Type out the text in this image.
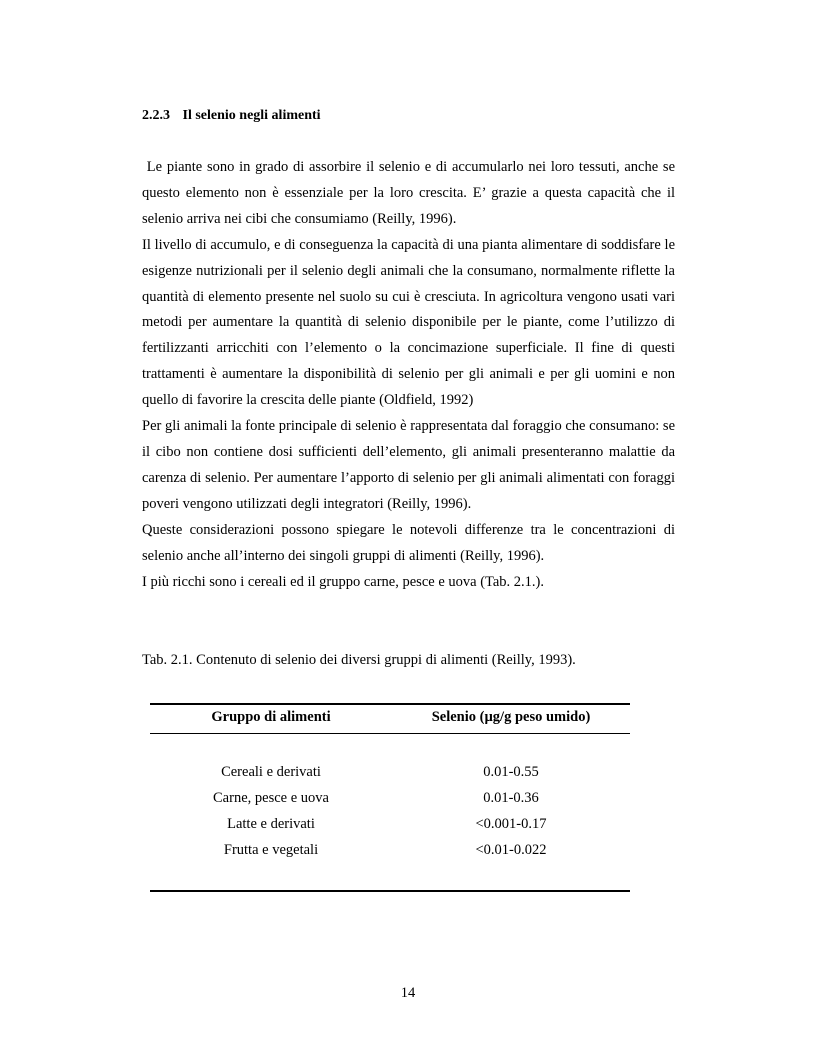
2.2.3 Il selenio negli alimenti

Le piante sono in grado di assorbire il selenio e di accumularlo nei loro tessuti, anche se questo elemento non è essenziale per la loro crescita. E’ grazie a questa capacità che il selenio arriva nei cibi che consumiamo (Reilly, 1996).

Il livello di accumulo, e di conseguenza la capacità di una pianta alimentare di soddisfare le esigenze nutrizionali per il selenio degli animali che la consumano, normalmente riflette la quantità di elemento presente nel suolo su cui è cresciuta. In agricoltura vengono usati vari metodi per aumentare la quantità di selenio disponibile per le piante, come l’utilizzo di fertilizzanti arricchiti con l’elemento o la concimazione superficiale. Il fine di questi trattamenti è aumentare la disponibilità di selenio per gli animali e per gli uomini e non quello di favorire la crescita delle piante (Oldfield, 1992)

Per gli animali la fonte principale di selenio è rappresentata dal foraggio che consumano: se il cibo non contiene dosi sufficienti dell’elemento, gli animali presenteranno malattie da carenza di selenio. Per aumentare l’apporto di selenio per gli animali alimentati con foraggi poveri vengono utilizzati degli integratori (Reilly, 1996).

Queste considerazioni possono spiegare le notevoli differenze tra le concentrazioni di selenio anche all’interno dei singoli gruppi di alimenti (Reilly, 1996).

I più ricchi sono i cereali ed il gruppo carne, pesce e uova (Tab. 2.1.).

Tab. 2.1. Contenuto di selenio dei diversi gruppi di alimenti (Reilly, 1993).
Gruppo di alimenti	Selenio (µg/g peso umido)
Cereali e derivati	0.01-0.55
Carne, pesce e uova	0.01-0.36
Latte e derivati	<0.001-0.17
Frutta e vegetali	<0.01-0.022
14
